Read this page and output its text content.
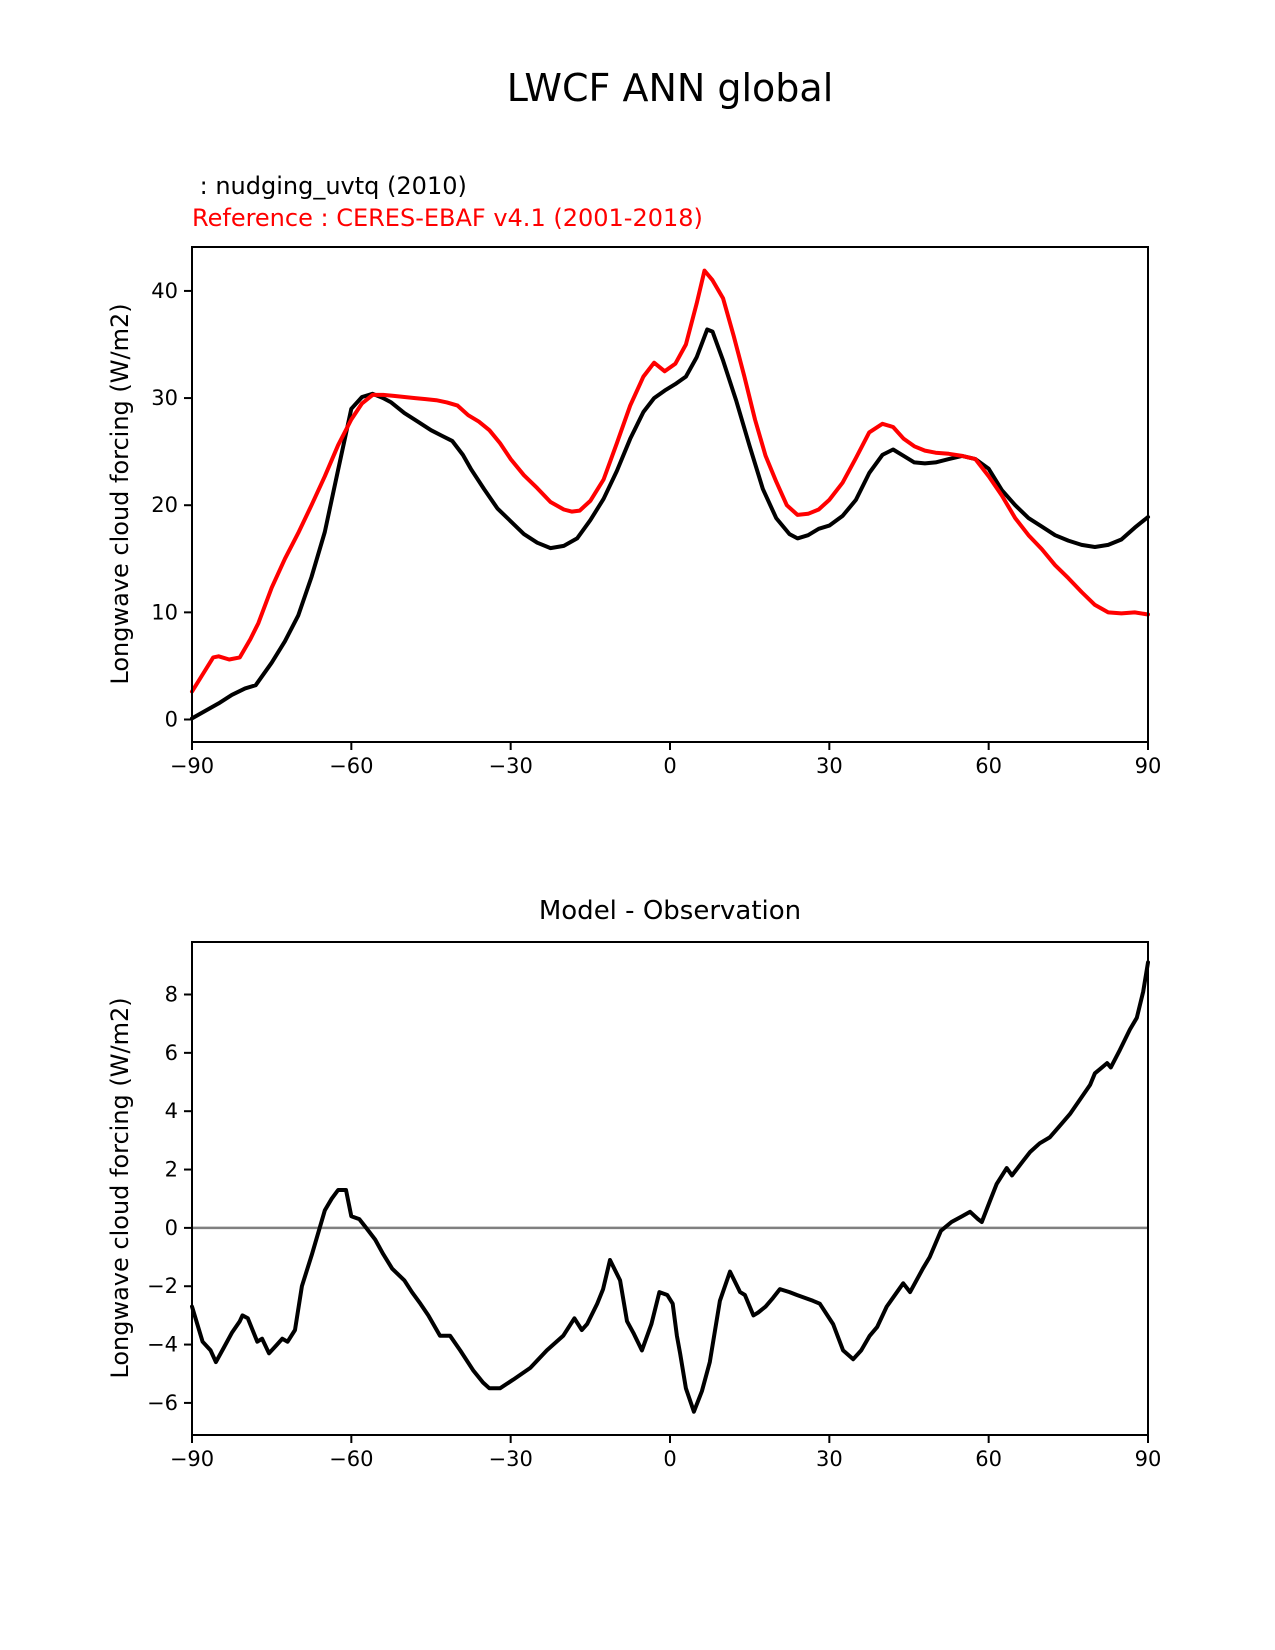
LWCF ANN global
: nudging_uvtq (2010)
Reference : CERES-EBAF v4.1 (2001-2018)
Longwave cloud forcing (W/m2)
Longwave cloud forcing (W/m2)
Model - Observation
−90	−60	−30	0	30	60	90
0
10
20
30
40
−90	−60	−30	0	30	60	90
−6
−4
−2
0
2
4
6
8
